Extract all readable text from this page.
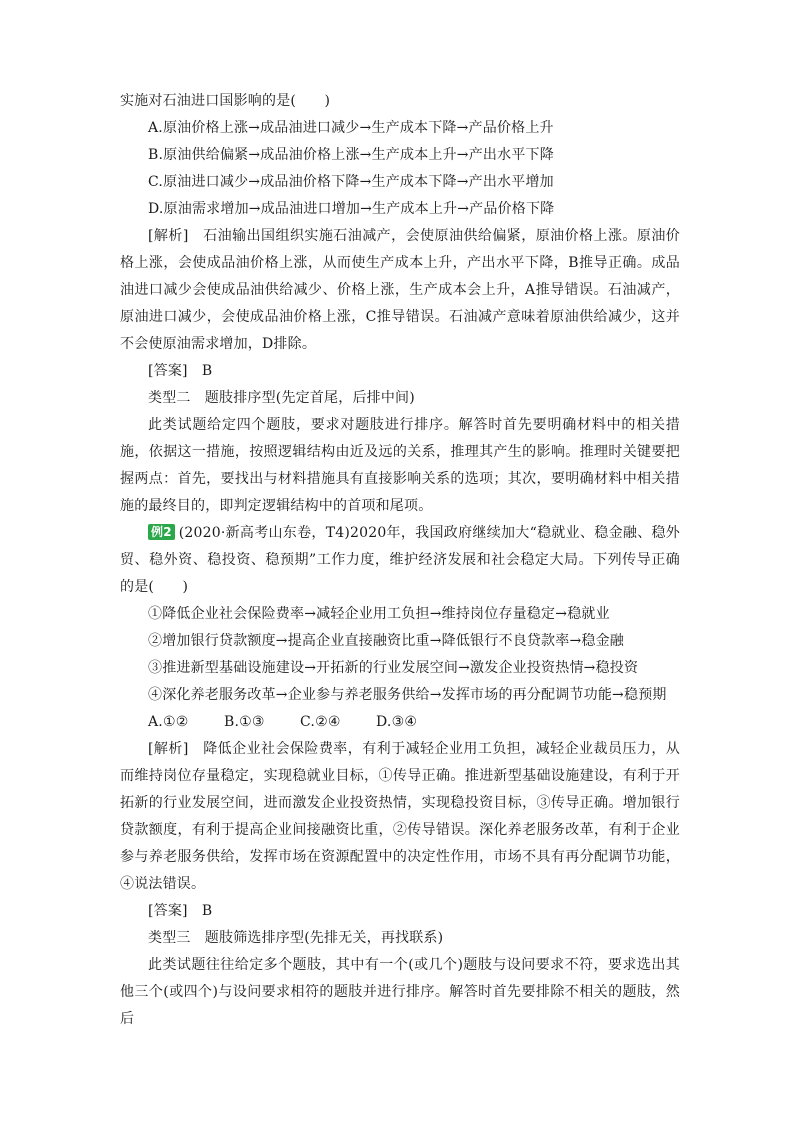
实施对石油进口国影响的是(　　)
A.原油价格上涨→成品油进口减少→生产成本下降→产品价格上升
B.原油供给偏紧→成品油价格上涨→生产成本上升→产出水平下降
C.原油进口减少→成品油价格下降→生产成本下降→产出水平增加
D.原油需求增加→成品油进口增加→生产成本上升→产品价格下降

[解析]　石油输出国组织实施石油减产，会使原油供给偏紧，原油价格上涨。原油价格上涨，会使成品油价格上涨，从而使生产成本上升，产出水平下降，B推导正确。成品油进口减少会使成品油供给减少、价格上涨，生产成本会上升，A推导错误。石油减产，原油进口减少，会使成品油价格上涨，C推导错误。石油减产意味着原油供给减少，这并不会使原油需求增加，D排除。

[答案]　B
类型二　题肢排序型(先定首尾，后排中间)

此类试题给定四个题肢，要求对题肢进行排序。解答时首先要明确材料中的相关措施，依据这一措施，按照逻辑结构由近及远的关系，推理其产生的影响。推理时关键要把握两点：首先，要找出与材料措施具有直接影响关系的选项；其次，要明确材料中相关措施的最终目的，即判定逻辑结构中的首项和尾项。

例2 (2020·新高考山东卷，T4)2020年，我国政府继续加大“稳就业、稳金融、稳外贸、稳外资、稳投资、稳预期”工作力度，维护经济发展和社会稳定大局。下列传导正确的是(　　)

①降低企业社会保险费率→减轻企业用工负担→维持岗位存量稳定→稳就业
②增加银行贷款额度→提高企业直接融资比重→降低银行不良贷款率→稳金融
③推进新型基础设施建设→开拓新的行业发展空间→激发企业投资热情→稳投资
④深化养老服务改革→企业参与养老服务供给→发挥市场的再分配调节功能→稳预期
A.①②	B.①③	C.②④	D.③④

[解析]　降低企业社会保险费率，有利于减轻企业用工负担，减轻企业裁员压力，从而维持岗位存量稳定，实现稳就业目标，①传导正确。推进新型基础设施建设，有利于开拓新的行业发展空间，进而激发企业投资热情，实现稳投资目标，③传导正确。增加银行贷款额度，有利于提高企业间接融资比重，②传导错误。深化养老服务改革，有利于企业参与养老服务供给，发挥市场在资源配置中的决定性作用，市场不具有再分配调节功能，④说法错误。

[答案]　B
类型三　题肢筛选排序型(先排无关，再找联系)

此类试题往往给定多个题肢，其中有一个(或几个)题肢与设问要求不符，要求选出其他三个(或四个)与设问要求相符的题肢并进行排序。解答时首先要排除不相关的题肢，然后
